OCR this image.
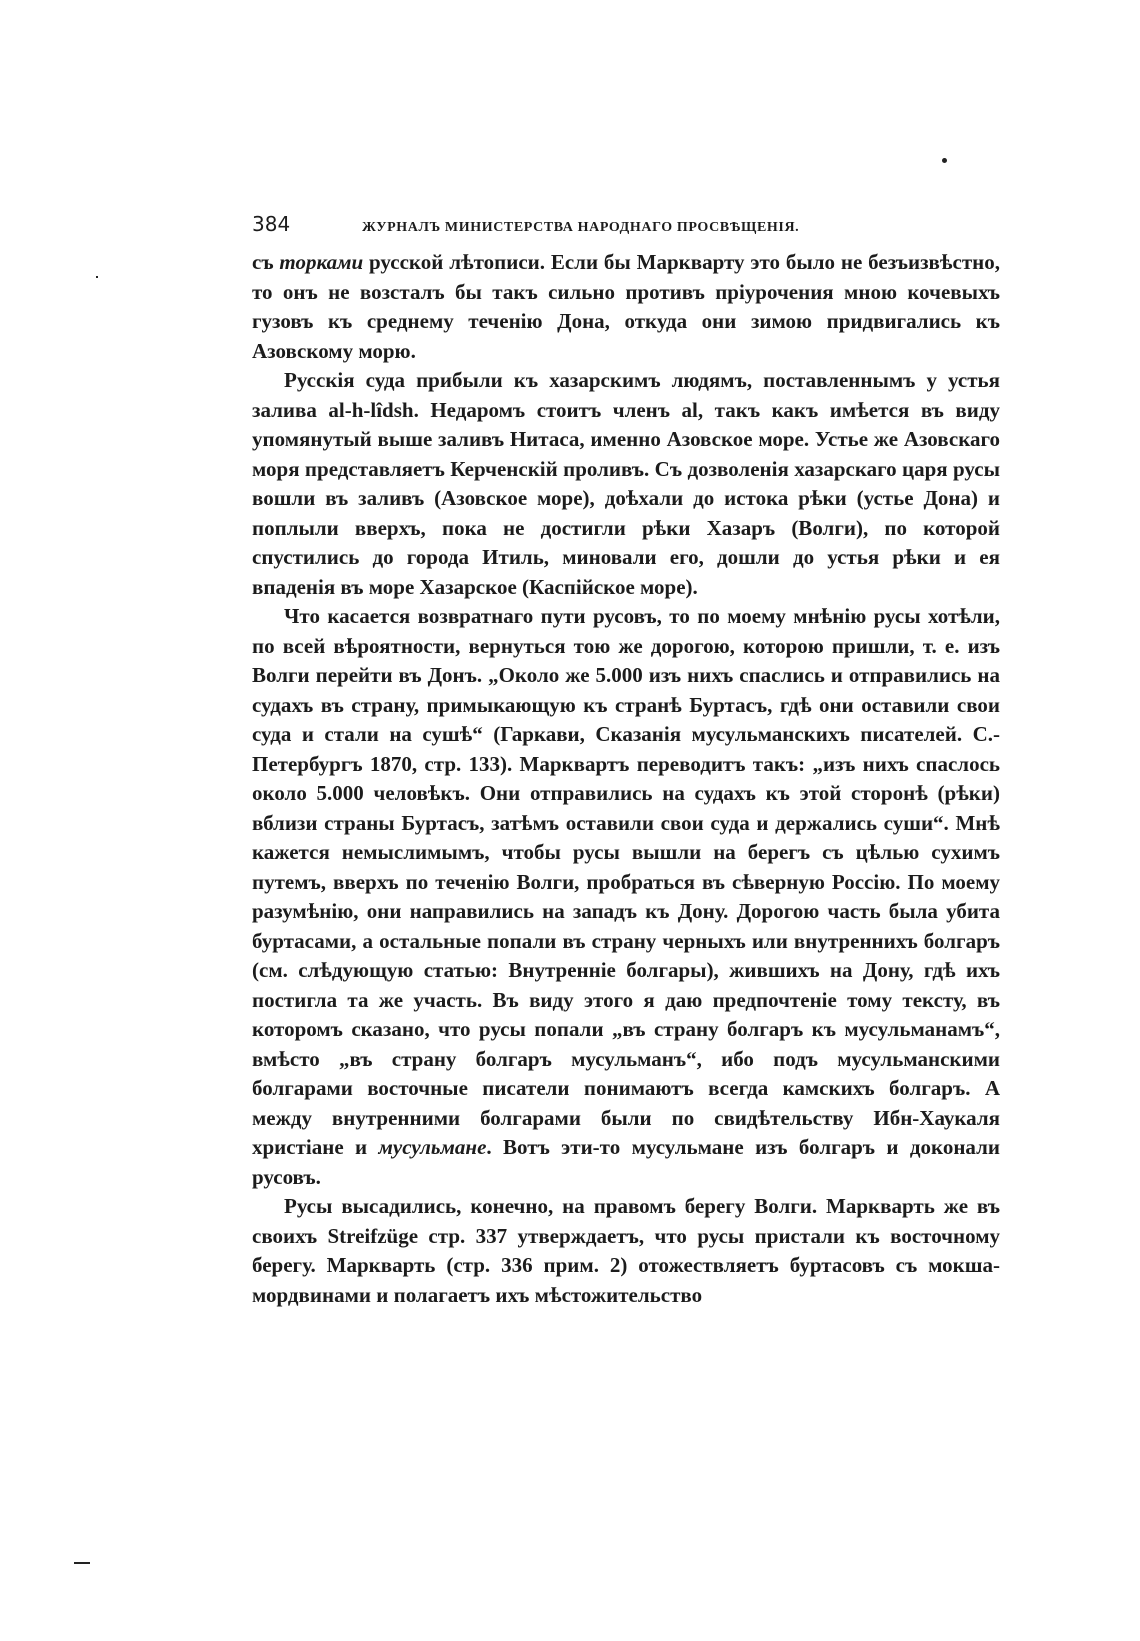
384	ЖУРНАЛЪ МИНИСТЕРСТВА НАРОДНАГО ПРОСВѢЩЕНІЯ.

съ торками русской лѣтописи. Если бы Маркварту это было не безъизвѣстно, то онъ не возсталъ бы такъ сильно противъ пріурочения мною кочевыхъ гузовъ къ среднему теченію Дона, откуда они зимою придвигались къ Азовскому морю.

Русскія суда прибыли къ хазарскимъ людямъ, поставленнымъ у устья залива al-h-lîdsh. Недаромъ стоитъ членъ al, такъ какъ имѣется въ виду упомянутый выше заливъ Нитаса, именно Азовское море. Устье же Азовскаго моря представляетъ Керченскій проливъ. Съ дозволенія хазарскаго царя русы вошли въ заливъ (Азовское море), доѣхали до истока рѣки (устье Дона) и поплыли вверхъ, пока не достигли рѣки Хазаръ (Волги), по которой спустились до города Итиль, миновали его, дошли до устья рѣки и ея впаденія въ море Хазарское (Каспійское море).

Что касается возвратнаго пути русовъ, то по моему мнѣнію русы хотѣли, по всей вѣроятности, вернуться тою же дорогою, которою пришли, т. е. изъ Волги перейти въ Донъ. „Около же 5.000 изъ нихъ спаслись и отправились на судахъ въ страну, примыкающую къ странѣ Буртасъ, гдѣ они оставили свои суда и стали на сушѣ“ (Гаркави, Сказанія мусульманскихъ писателей. С.-Петербургъ 1870, стр. 133). Марквартъ переводитъ такъ: „изъ нихъ спаслось около 5.000 человѣкъ. Они отправились на судахъ къ этой сторонѣ (рѣки) вблизи страны Буртасъ, затѣмъ оставили свои суда и держались суши“. Мнѣ кажется немыслимымъ, чтобы русы вышли на берегъ съ цѣлью сухимъ путемъ, вверхъ по теченію Волги, пробраться въ сѣверную Россію. По моему разумѣнію, они направились на западъ къ Дону. Дорогою часть была убита буртасами, а остальные попали въ страну черныхъ или внутреннихъ болгаръ (см. слѣдующую статью: Внутренніе болгары), жившихъ на Дону, гдѣ ихъ постигла та же участь. Въ виду этого я даю предпочтеніе тому тексту, въ которомъ сказано, что русы попали „въ страну болгаръ къ мусульманамъ“, вмѣсто „въ страну болгаръ мусульманъ“, ибо подъ мусульманскими болгарами восточные писатели понимаютъ всегда камскихъ болгаръ. А между внутренними болгарами были по свидѣтельству Ибн-Хаукаля христіане и мусульмане. Вотъ эти-то мусульмане изъ болгаръ и доконали русовъ.

Русы высадились, конечно, на правомъ берегу Волги. Маркварть же въ своихъ Streifzüge стр. 337 утверждаетъ, что русы пристали къ восточному берегу. Маркварть (стр. 336 прим. 2) отожествляетъ буртасовъ съ мокша-мордвинами и полагаетъ ихъ мѣстожительство
